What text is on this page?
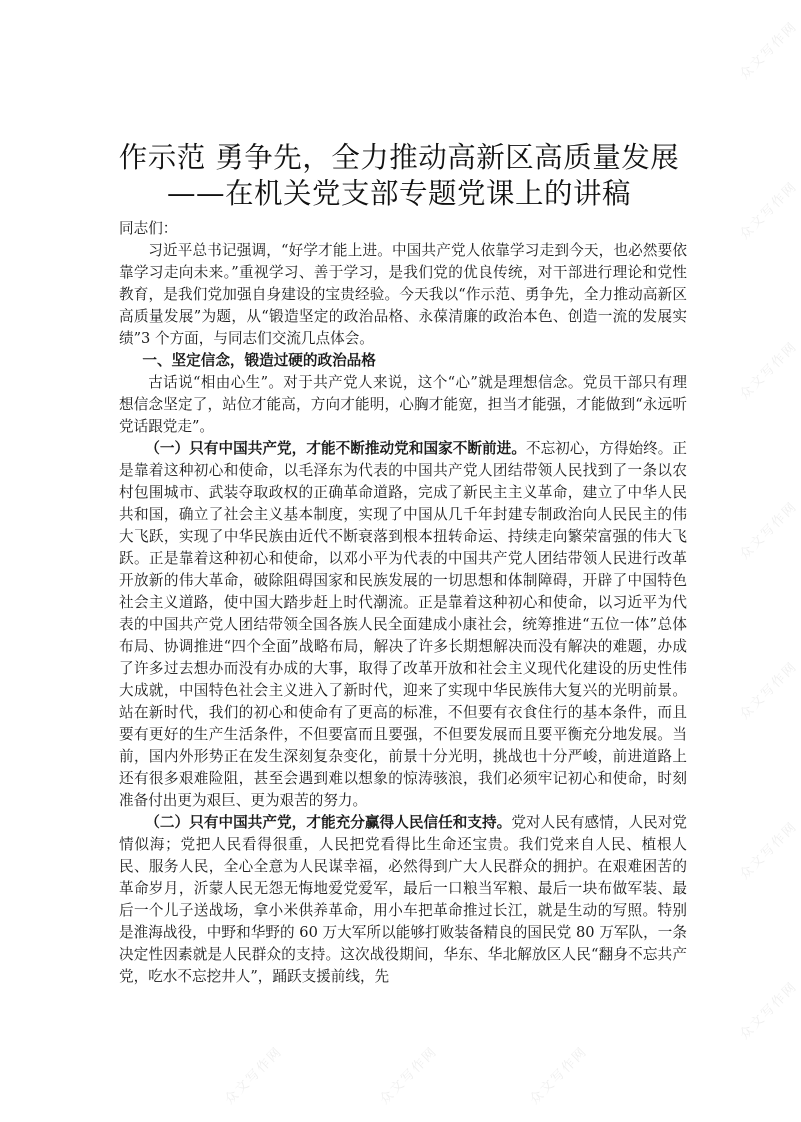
作示范 勇争先，全力推动高新区高质量发展——在机关党支部专题党课上的讲稿

同志们：

习近平总书记强调，“好学才能上进。中国共产党人依靠学习走到今天，也必然要依靠学习走向未来。”重视学习、善于学习，是我们党的优良传统，对干部进行理论和党性教育，是我们党加强自身建设的宝贵经验。今天我以“作示范、勇争先，全力推动高新区高质量发展”为题，从“锻造坚定的政治品格、永葆清廉的政治本色、创造一流的发展实绩”3 个方面，与同志们交流几点体会。

一、坚定信念，锻造过硬的政治品格

古话说“相由心生”。对于共产党人来说，这个“心”就是理想信念。党员干部只有理想信念坚定了，站位才能高，方向才能明，心胸才能宽，担当才能强，才能做到“永远听党话跟党走”。

（一）只有中国共产党，才能不断推动党和国家不断前进。不忘初心，方得始终。正是靠着这种初心和使命，以毛泽东为代表的中国共产党人团结带领人民找到了一条以农村包围城市、武装夺取政权的正确革命道路，完成了新民主主义革命，建立了中华人民共和国，确立了社会主义基本制度，实现了中国从几千年封建专制政治向人民民主的伟大飞跃，实现了中华民族由近代不断衰落到根本扭转命运、持续走向繁荣富强的伟大飞跃。正是靠着这种初心和使命，以邓小平为代表的中国共产党人团结带领人民进行改革开放新的伟大革命，破除阻碍国家和民族发展的一切思想和体制障碍，开辟了中国特色社会主义道路，使中国大踏步赶上时代潮流。正是靠着这种初心和使命，以习近平为代表的中国共产党人团结带领全国各族人民全面建成小康社会，统筹推进“五位一体”总体布局、协调推进“四个全面”战略布局，解决了许多长期想解决而没有解决的难题，办成了许多过去想办而没有办成的大事，取得了改革开放和社会主义现代化建设的历史性伟大成就，中国特色社会主义进入了新时代，迎来了实现中华民族伟大复兴的光明前景。站在新时代，我们的初心和使命有了更高的标准，不但要有衣食住行的基本条件，而且要有更好的生产生活条件，不但要富而且要强，不但要发展而且要平衡充分地发展。当前，国内外形势正在发生深刻复杂变化，前景十分光明，挑战也十分严峻，前进道路上还有很多艰难险阻，甚至会遇到难以想象的惊涛骇浪，我们必须牢记初心和使命，时刻准备付出更为艰巨、更为艰苦的努力。

（二）只有中国共产党，才能充分赢得人民信任和支持。党对人民有感情，人民对党情似海；党把人民看得很重，人民把党看得比生命还宝贵。我们党来自人民、植根人民、服务人民，全心全意为人民谋幸福，必然得到广大人民群众的拥护。在艰难困苦的革命岁月，沂蒙人民无怨无悔地爱党爱军，最后一口粮当军粮、最后一块布做军装、最后一个儿子送战场，拿小米供养革命，用小车把革命推过长江，就是生动的写照。特别是淮海战役，中野和华野的 60 万大军所以能够打败装备精良的国民党 80 万军队，一条决定性因素就是人民群众的支持。这次战役期间，华东、华北解放区人民“翻身不忘共产党，吃水不忘挖井人”，踊跃支援前线，先

众文写作网
众文写作网
众文写作网
众文写作网
众文写作网
众文写作网
众文写作网
众文写作网	众文写作网	众文写作网
